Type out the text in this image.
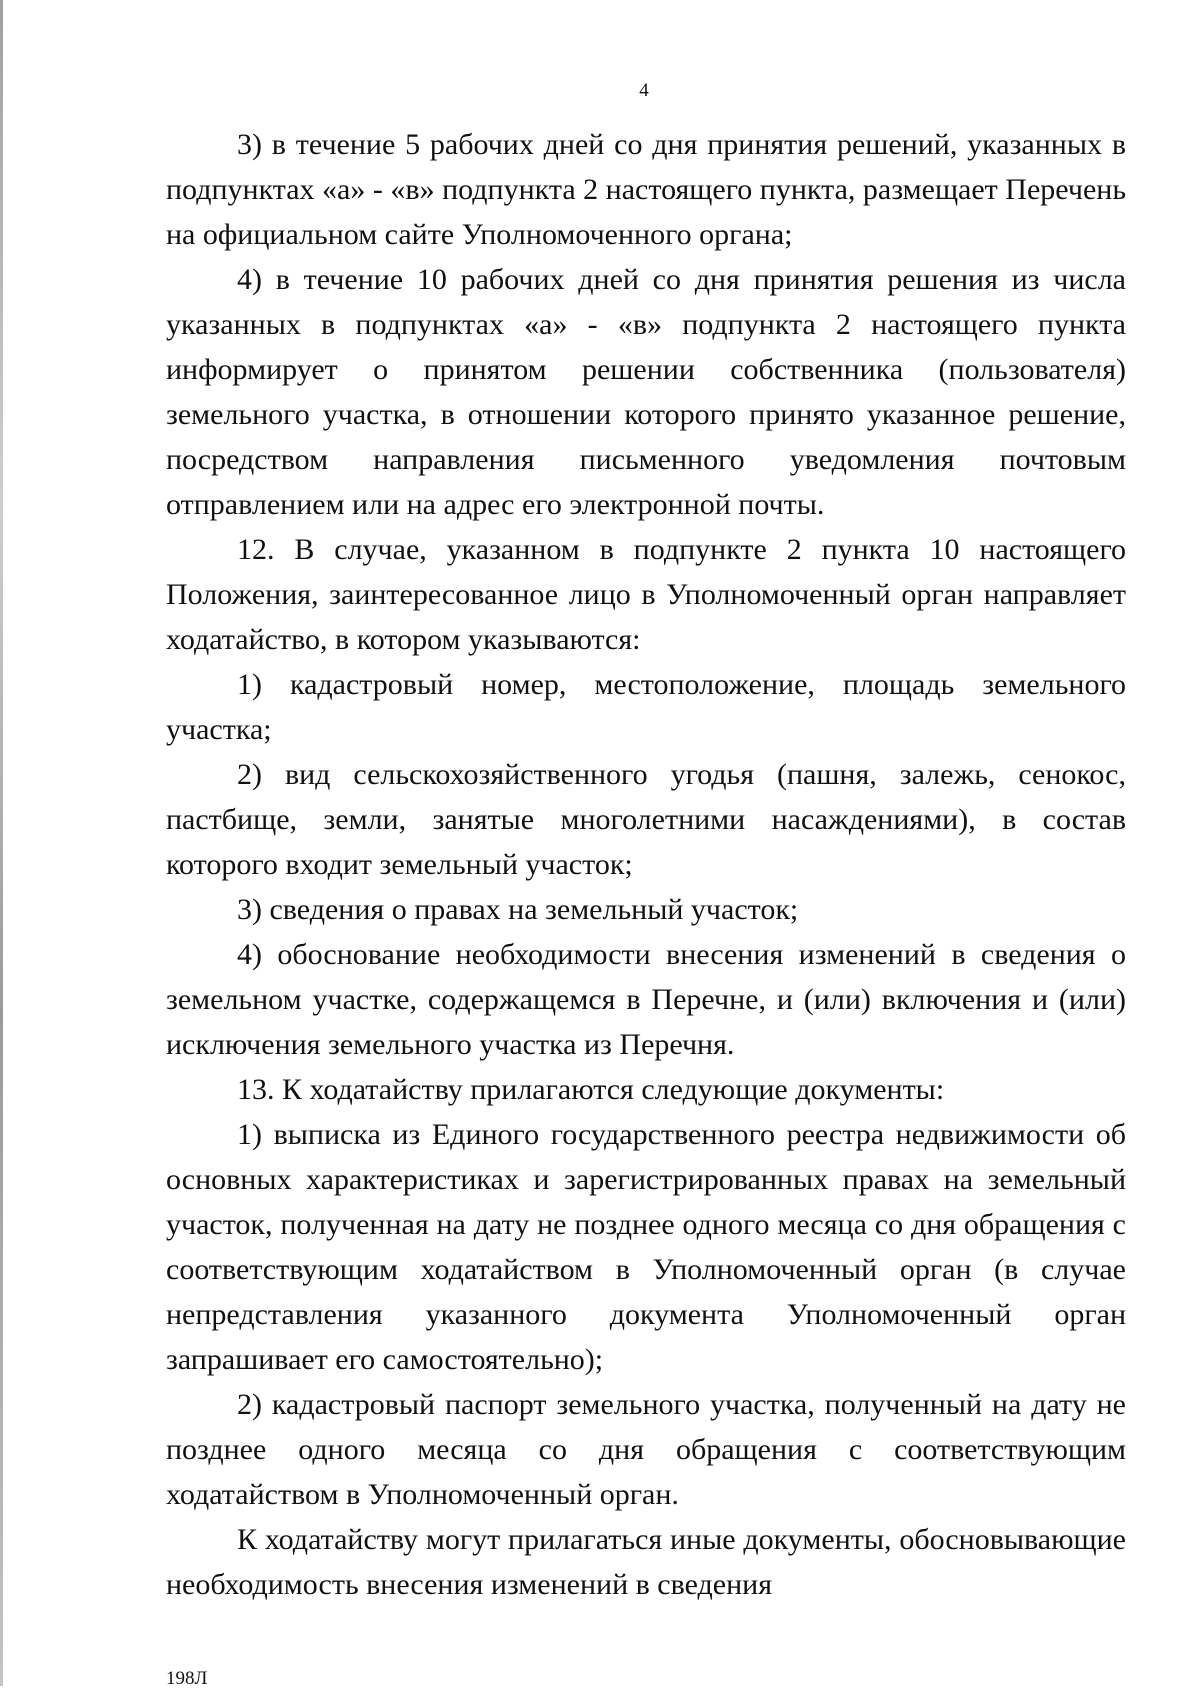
4

3) в течение 5 рабочих дней со дня принятия решений, указанных в подпунктах «а» - «в» подпункта 2 настоящего пункта, размещает Перечень на официальном сайте Уполномоченного органа;

4) в течение 10 рабочих дней со дня принятия решения из числа указанных в подпунктах «а» - «в» подпункта 2 настоящего пункта информирует о принятом решении собственника (пользователя) земельного участка, в отношении которого принято указанное решение, посредством направления письменного уведомления почтовым отправлением или на адрес его электронной почты.

12. В случае, указанном в подпункте 2 пункта 10 настоящего Положения, заинтересованное лицо в Уполномоченный орган направляет ходатайство, в котором указываются:

1) кадастровый номер, местоположение, площадь земельного участка;

2) вид сельскохозяйственного угодья (пашня, залежь, сенокос, пастбище, земли, занятые многолетними насаждениями), в состав которого входит земельный участок;

3) сведения о правах на земельный участок;

4) обоснование необходимости внесения изменений в сведения о земельном участке, содержащемся в Перечне, и (или) включения и (или) исключения земельного участка из Перечня.

13. К ходатайству прилагаются следующие документы:

1) выписка из Единого государственного реестра недвижимости об основных характеристиках и зарегистрированных правах на земельный участок, полученная на дату не позднее одного месяца со дня обращения с соответствующим ходатайством в Уполномоченный орган (в случае непредставления указанного документа Уполномоченный орган запрашивает его самостоятельно);

2) кадастровый паспорт земельного участка, полученный на дату не позднее одного месяца со дня обращения с соответствующим ходатайством в Уполномоченный орган.

К ходатайству могут прилагаться иные документы, обосновывающие необходимость внесения изменений в сведения

198Л
